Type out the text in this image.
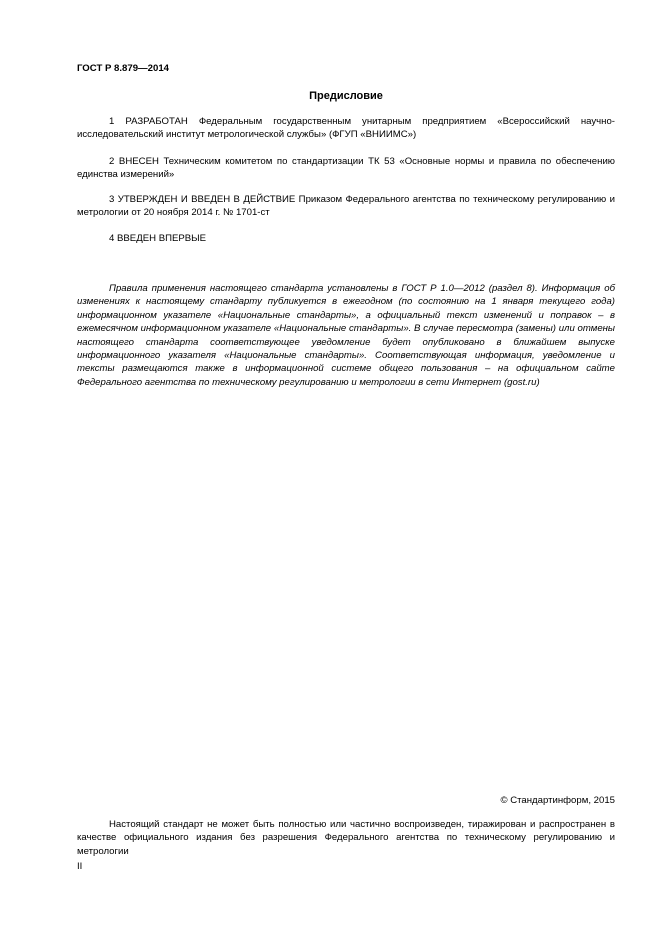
ГОСТ Р 8.879—2014
Предисловие

1 РАЗРАБОТАН Федеральным государственным унитарным предприятием «Всероссийский научно-исследовательский институт метрологической службы» (ФГУП «ВНИИМС»)

2 ВНЕСЕН Техническим комитетом по стандартизации ТК 53 «Основные нормы и правила по обеспечению единства измерений»

3 УТВЕРЖДЕН И ВВЕДЕН В ДЕЙСТВИЕ Приказом Федерального агентства по техническому регулированию и метрологии от 20 ноября 2014 г. № 1701-ст

4 ВВЕДЕН ВПЕРВЫЕ

Правила применения настоящего стандарта установлены в ГОСТ Р 1.0—2012 (раздел 8). Информация об изменениях к настоящему стандарту публикуется в ежегодном (по состоянию на 1 января текущего года) информационном указателе «Национальные стандарты», а официальный текст изменений и поправок – в ежемесячном информационном указателе «Национальные стандарты». В случае пересмотра (замены) или отмены настоящего стандарта соответствующее уведомление будет опубликовано в ближайшем выпуске информационного указателя «Национальные стандарты». Соответствующая информация, уведомление и тексты размещаются также в информационной системе общего пользования – на официальном сайте Федерального агентства по техническому регулированию и метрологии в сети Интернет (gost.ru)

© Стандартинформ, 2015

Настоящий стандарт не может быть полностью или частично воспроизведен, тиражирован и распространен в качестве официального издания без разрешения Федерального агентства по техническому регулированию и метрологии

II
